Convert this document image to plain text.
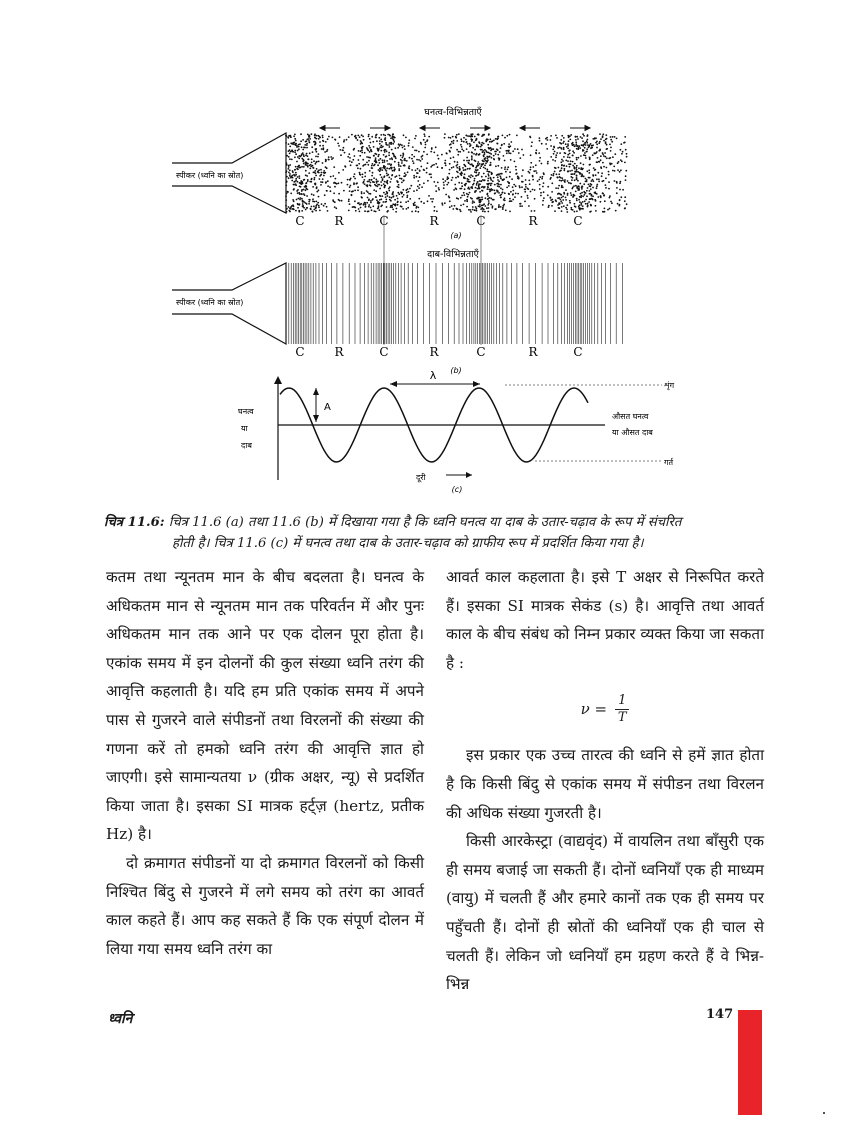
घनत्व-विभिन्नताएँ
स्पीकर (ध्वनि का स्रोत)
C R	C	R	C	R	C
(a)
दाब-विभिन्नताएँ
स्पीकर (ध्वनि का स्रोत)
C R	C	R	C	R	C
(b)
λ
A
घनत्व
या
दाब
औसत घनत्व
या औसत दाब
शृंग
गर्त
दूरी
(c)
चित्र 11.6: चित्र 11.6 (a) तथा 11.6 (b) में दिखाया गया है कि ध्वनि घनत्व या दाब के उतार-चढ़ाव के रूप में संचरित
होती है। चित्र 11.6 (c) में घनत्व तथा दाब के उतार-चढ़ाव को ग्राफीय रूप में प्रदर्शित किया गया है।

कतम तथा न्यूनतम मान के बीच बदलता है। घनत्व के अधिकतम मान से न्यूनतम मान तक परिवर्तन में और पुनः अधिकतम मान तक आने पर एक दोलन पूरा होता है। एकांक समय में इन दोलनों की कुल संख्या ध्वनि तरंग की आवृत्ति कहलाती है। यदि हम प्रति एकांक समय में अपने पास से गुजरने वाले संपीडनों तथा विरलनों की संख्या की गणना करें तो हमको ध्वनि तरंग की आवृत्ति ज्ञात हो जाएगी। इसे सामान्यतया ν (ग्रीक अक्षर, न्यू) से प्रदर्शित किया जाता है। इसका SI मात्रक हर्ट्ज़ (hertz, प्रतीक Hz) है।

दो क्रमागत संपीडनों या दो क्रमागत विरलनों को किसी निश्चित बिंदु से गुजरने में लगे समय को तरंग का आवर्त काल कहते हैं। आप कह सकते हैं कि एक संपूर्ण दोलन में लिया गया समय ध्वनि तरंग का

आवर्त काल कहलाता है। इसे T अक्षर से निरूपित करते हैं। इसका SI मात्रक सेकंड (s) है। आवृत्ति तथा आवर्त काल के बीच संबंध को निम्न प्रकार व्यक्त किया जा सकता है :

$\nu = \frac{1}{T}$

इस प्रकार एक उच्च तारत्व की ध्वनि से हमें ज्ञात होता है कि किसी बिंदु से एकांक समय में संपीडन तथा विरलन की अधिक संख्या गुजरती है।

किसी आरकेस्ट्रा (वाद्यवृंद) में वायलिन तथा बाँसुरी एक ही समय बजाई जा सकती हैं। दोनों ध्वनियाँ एक ही माध्यम (वायु) में चलती हैं और हमारे कानों तक एक ही समय पर पहुँचती हैं। दोनों ही स्रोतों की ध्वनियाँ एक ही चाल से चलती हैं। लेकिन जो ध्वनियाँ हम ग्रहण करते हैं वे भिन्न-भिन्न

ध्वनि	147
